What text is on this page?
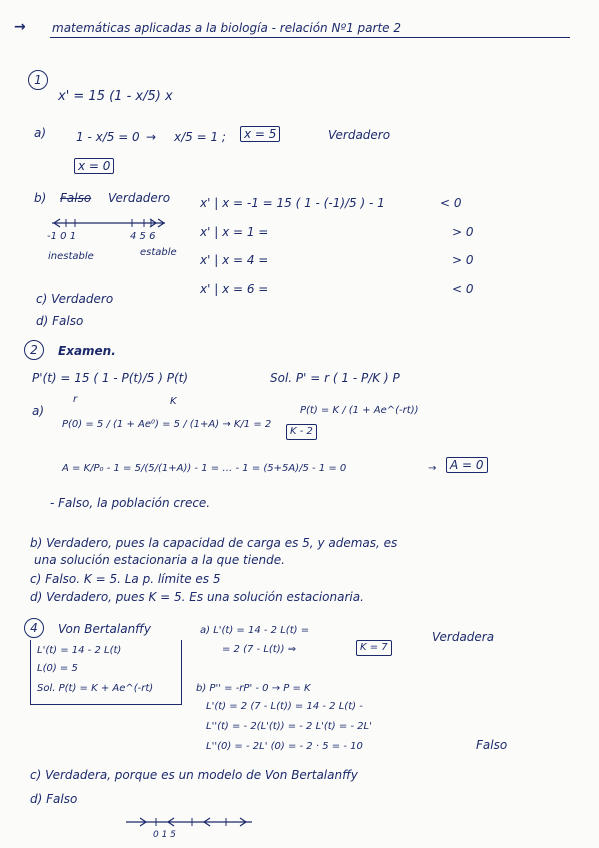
→ matemáticas aplicadas a la biología - relación Nº1 parte 2
1
x' = 15 (1 - x/5) x
a) 1 - x/5 = 0 → x/5 = 1 ;	x = 5	Verdadero
x = 0
b) Falso Verdadero x' | x = -1 = 15 ( 1 - (-1)/5 ) - 1	< 0
x' | x = 1 =	> 0
x' | x = 4 =	> 0
x' | x = 6 =	< 0
-1 0 1	4 5 6
inestable	estable
c) Verdadero
d) Falso
2	Examen.
P'(t) = 15 ( 1 - P(t)/5 ) P(t)
r	K
Sol. P' = r ( 1 - P/K ) P
a)
P(0) = 5 / (1 + Ae⁰) = 5 / (1+A) → K/1 = 2
K - 2
P(t) = K / (1 + Ae^(-rt))
A = K/P₀ - 1 = 5/(5/(1+A)) - 1 = … - 1 = (5+5A)/5 - 1 = 0	→	A = 0
- Falso, la población crece.
b) Verdadero, pues la capacidad de carga es 5, y ademas, es
una solución estacionaria a la que tiende.
c) Falso. K = 5. La p. límite es 5
d) Verdadero, pues K = 5. Es una solución estacionaria.
4	Von Bertalanffy
L'(t) = 14 - 2 L(t)
L(0) = 5
Sol. P(t) = K + Ae^(-rt)
a) L'(t) = 14 - 2 L(t) =
= 2 (7 - L(t)) ⇒	K = 7
Verdadera
b) P'' = -rP' - 0 → P = K
L'(t) = 2 (7 - L(t)) = 14 - 2 L(t) -
L''(t) = - 2(L'(t)) = - 2 L'(t) = - 2L'
L''(0) = - 2L' (0) = - 2 · 5 = - 10	Falso
c) Verdadera, porque es un modelo de Von Bertalanffy
d) Falso
0 1 5
